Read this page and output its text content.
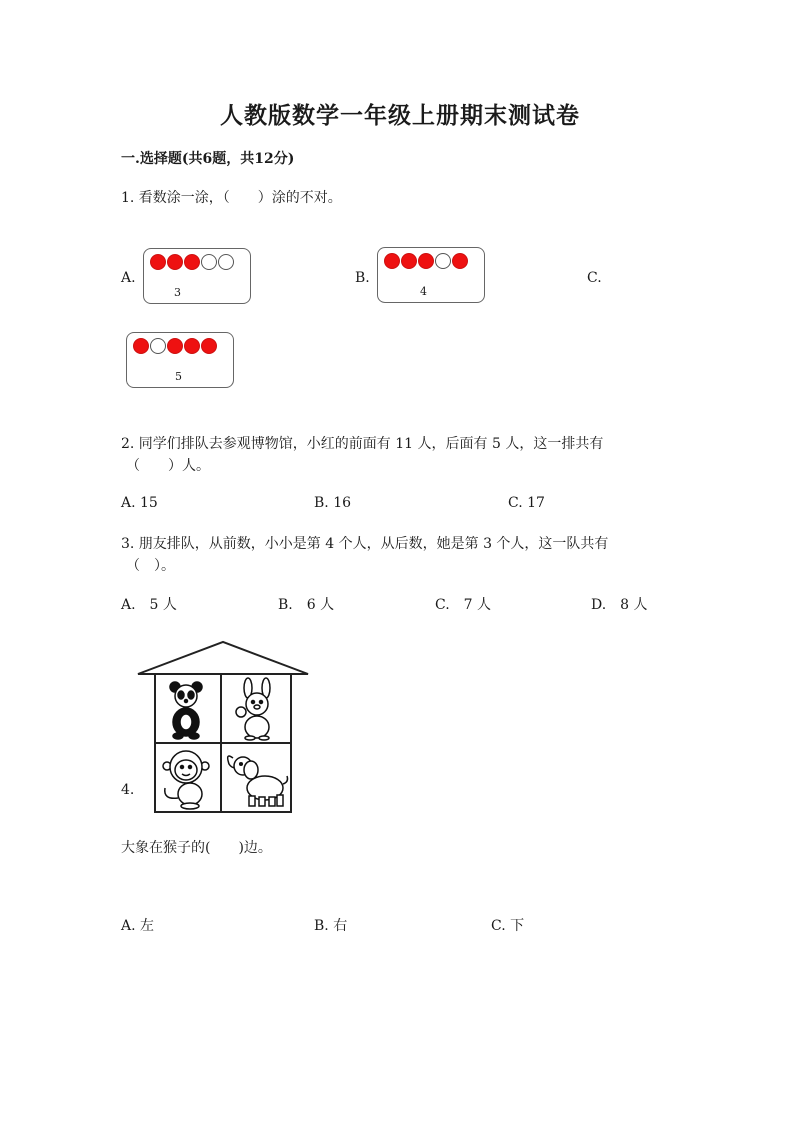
人教版数学一年级上册期末测试卷
一.选择题(共6题，共12分)
1. 看数涂一涂，（　　）涂的不对。
A.
3
B.
4
C.
5
2. 同学们排队去参观博物馆，小红的前面有 11 人，后面有 5 人，这一排共有
（　　）人。
A. 15	B. 16	C. 17
3. 朋友排队，从前数，小小是第 4 个人，从后数，她是第 3 个人，这一队共有
（　）。
A.　5 人	B.　6 人	C.　7 人	D.　8 人
4.
大象在猴子的(　　)边。
A. 左	B. 右	C. 下
